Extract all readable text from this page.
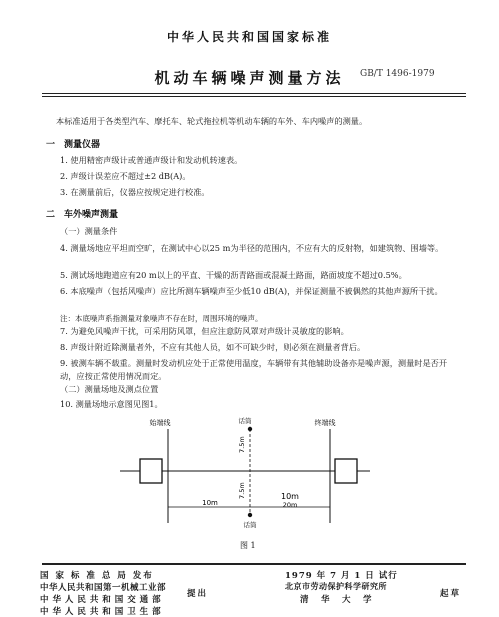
中华人民共和国国家标准
机动车辆噪声测量方法	GB/T 1496-1979
本标准适用于各类型汽车、摩托车、轮式拖拉机等机动车辆的车外、车内噪声的测量。
一　测量仪器
1. 使用精密声级计或普通声级计和发动机转速表。
2. 声级计误差应不超过±2 dB(A)。
3. 在测量前后，仪器应按规定进行校准。
二　车外噪声测量
（一）测量条件
4. 测量场地应平坦而空旷，在测试中心以25 m为半径的范围内，不应有大的反射物，如建筑物、围墙等。
5. 测试场地跑道应有20 m以上的平直、干燥的沥青路面或混凝土路面，路面坡度不超过0.5%。
6. 本底噪声（包括风噪声）应比所测车辆噪声至少低10 dB(A)，并保证测量不被偶然的其他声源所干扰。
注：本底噪声系指测量对象噪声不存在时，周围环境的噪声。
7. 为避免风噪声干扰，可采用防风罩，但应注意防风罩对声级计灵敏度的影响。
8. 声级计附近除测量者外，不应有其他人员，如不可缺少时，则必须在测量者背后。
9. 被测车辆不载重。测量时发动机应处于正常使用温度，车辆带有其他辅助设备亦是噪声源，测量时是否开动，应按正常使用情况而定。
（二）测量场地及测点位置
10. 测量场地示意图见图1。
始端线	终端线
话筒
7.5m
7.5m
10m
10m
20m
话筒
图 1
国 家 标 准 总 局 发布
中华人民共和国第一机械工业部
中 华 人 民 共 和 国 交 通 部
中 华 人 民 共 和 国 卫 生 部
提出
1979 年 7 月 1 日 试行
北京市劳动保护科学研究所
清　华　大　学
起草
